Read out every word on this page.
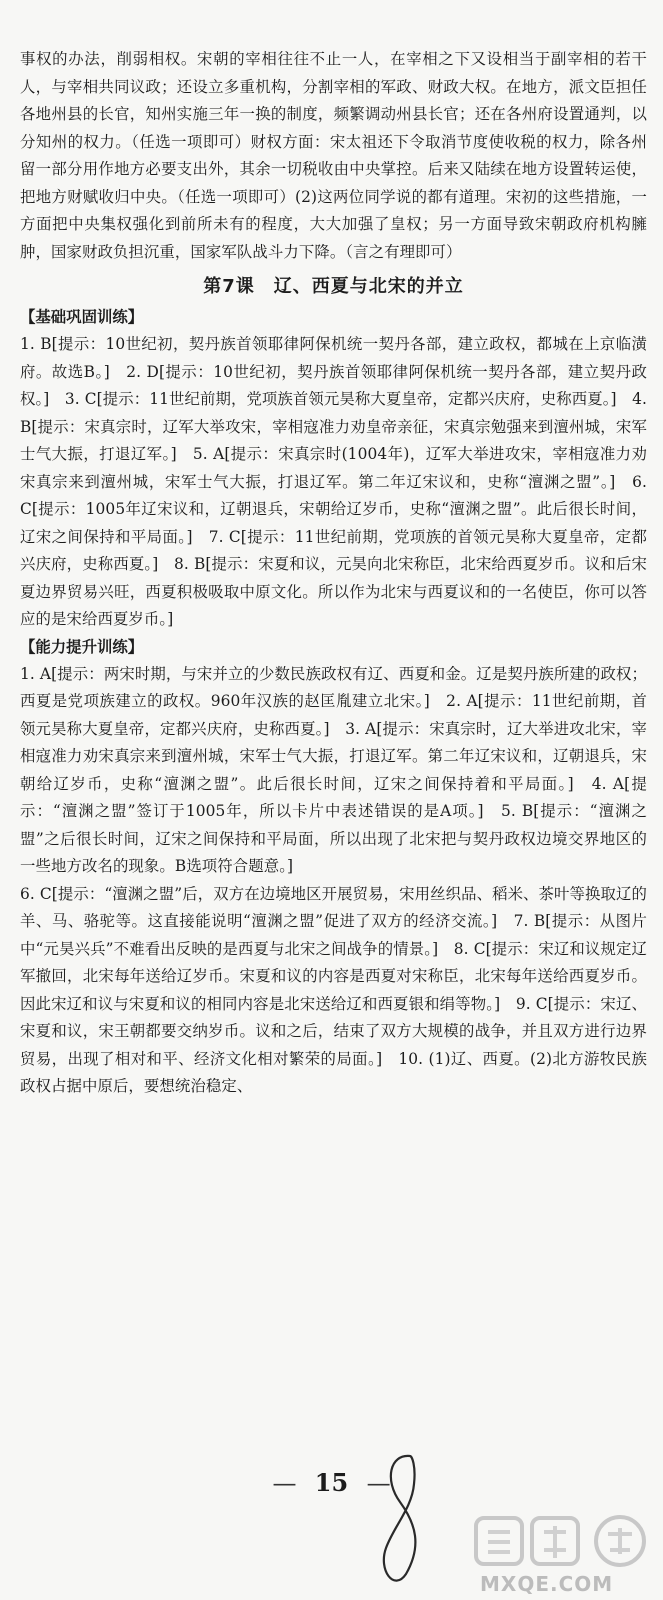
事权的办法，削弱相权。宋朝的宰相往往不止一人，在宰相之下又设相当于副宰相的若干人，与宰相共同议政；还设立多重机构，分割宰相的军政、财政大权。在地方，派文臣担任各地州县的长官，知州实施三年一换的制度，频繁调动州县长官；还在各州府设置通判，以分知州的权力。（任选一项即可）财权方面：宋太祖还下令取消节度使收税的权力，除各州留一部分用作地方必要支出外，其余一切税收由中央掌控。后来又陆续在地方设置转运使，把地方财赋收归中央。（任选一项即可）(2)这两位同学说的都有道理。宋初的这些措施，一方面把中央集权强化到前所未有的程度，大大加强了皇权；另一方面导致宋朝政府机构臃肿，国家财政负担沉重，国家军队战斗力下降。（言之有理即可）

第7课　辽、西夏与北宋的并立
【基础巩固训练】

1. B[提示：10世纪初，契丹族首领耶律阿保机统一契丹各部，建立政权，都城在上京临潢府。故选B。]　2. D[提示：10世纪初，契丹族首领耶律阿保机统一契丹各部，建立契丹政权。]　3. C[提示：11世纪前期，党项族首领元昊称大夏皇帝，定都兴庆府，史称西夏。]　4. B[提示：宋真宗时，辽军大举攻宋，宰相寇准力劝皇帝亲征，宋真宗勉强来到澶州城，宋军士气大振，打退辽军。]　5. A[提示：宋真宗时(1004年)，辽军大举进攻宋，宰相寇准力劝宋真宗来到澶州城，宋军士气大振，打退辽军。第二年辽宋议和，史称“澶渊之盟”。]　6. C[提示：1005年辽宋议和，辽朝退兵，宋朝给辽岁币，史称“澶渊之盟”。此后很长时间，辽宋之间保持和平局面。]　7. C[提示：11世纪前期，党项族的首领元昊称大夏皇帝，定都兴庆府，史称西夏。]　8. B[提示：宋夏和议，元昊向北宋称臣，北宋给西夏岁币。议和后宋夏边界贸易兴旺，西夏积极吸取中原文化。所以作为北宋与西夏议和的一名使臣，你可以答应的是宋给西夏岁币。]

【能力提升训练】

1. A[提示：两宋时期，与宋并立的少数民族政权有辽、西夏和金。辽是契丹族所建的政权；西夏是党项族建立的政权。960年汉族的赵匡胤建立北宋。]　2. A[提示：11世纪前期，首领元昊称大夏皇帝，定都兴庆府，史称西夏。]　3. A[提示：宋真宗时，辽大举进攻北宋，宰相寇准力劝宋真宗来到澶州城，宋军士气大振，打退辽军。第二年辽宋议和，辽朝退兵，宋朝给辽岁币，史称“澶渊之盟”。此后很长时间，辽宋之间保持着和平局面。]　4. A[提示：“澶渊之盟”签订于1005年，所以卡片中表述错误的是A项。]　5. B[提示：“澶渊之盟”之后很长时间，辽宋之间保持和平局面，所以出现了北宋把与契丹政权边境交界地区的一些地方改名的现象。B选项符合题意。]

6. C[提示：“澶渊之盟”后，双方在边境地区开展贸易，宋用丝织品、稻米、茶叶等换取辽的羊、马、骆驼等。这直接能说明“澶渊之盟”促进了双方的经济交流。]　7. B[提示：从图片中“元昊兴兵”不难看出反映的是西夏与北宋之间战争的情景。]　8. C[提示：宋辽和议规定辽军撤回，北宋每年送给辽岁币。宋夏和议的内容是西夏对宋称臣，北宋每年送给西夏岁币。因此宋辽和议与宋夏和议的相同内容是北宋送给辽和西夏银和绢等物。]　9. C[提示：宋辽、宋夏和议，宋王朝都要交纳岁币。议和之后，结束了双方大规模的战争，并且双方进行边界贸易，出现了相对和平、经济文化相对繁荣的局面。]　10. (1)辽、西夏。(2)北方游牧民族政权占据中原后，要想统治稳定、

— 15 —
MXQE.COM
